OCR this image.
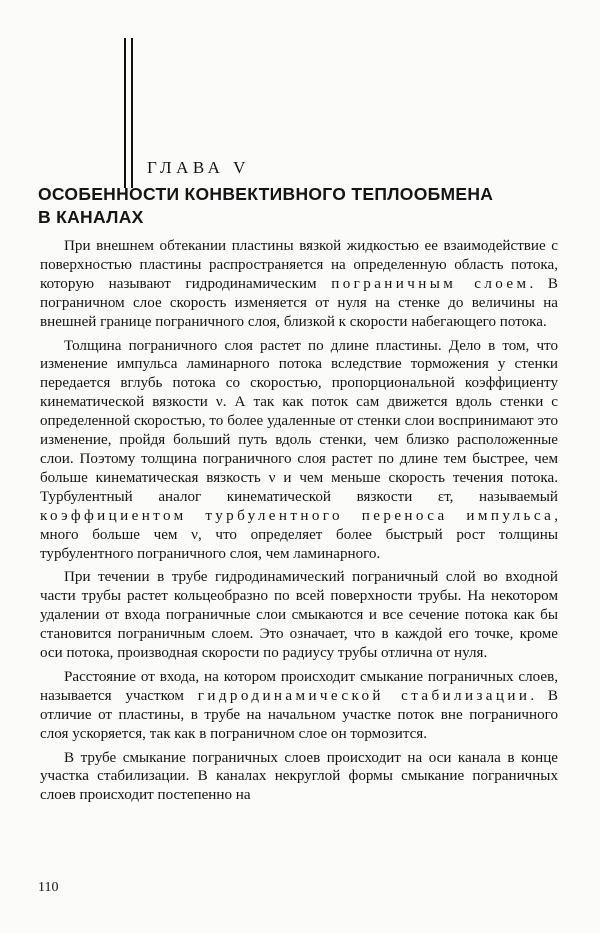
ГЛАВА V

ОСОБЕННОСТИ КОНВЕКТИВНОГО ТЕПЛООБМЕНА
В КАНАЛАХ

При внешнем обтекании пластины вязкой жидкостью ее взаимодействие с поверхностью пластины распространяется на определенную область потока, которую называют гидродинамическим пограничным слоем. В пограничном слое скорость изменяется от нуля на стенке до величины на внешней границе пограничного слоя, близкой к скорости набегающего потока.

Толщина пограничного слоя растет по длине пластины. Дело в том, что изменение импульса ламинарного потока вследствие торможения у стенки передается вглубь потока со скоростью, пропорциональной коэффициенту кинематической вязкости ν. А так как поток сам движется вдоль стенки с определенной скоростью, то более удаленные от стенки слои воспринимают это изменение, пройдя больший путь вдоль стенки, чем близко расположенные слои. Поэтому толщина пограничного слоя растет по длине тем быстрее, чем больше кинематическая вязкость ν и чем меньше скорость течения потока. Турбулентный аналог кинематической вязкости εт, называемый коэффициентом турбулентного переноса импульса, много больше чем ν, что определяет более быстрый рост толщины турбулентного пограничного слоя, чем ламинарного.

При течении в трубе гидродинамический пограничный слой во входной части трубы растет кольцеобразно по всей поверхности трубы. На некотором удалении от входа пограничные слои смыкаются и все сечение потока как бы становится пограничным слоем. Это означает, что в каждой его точке, кроме оси потока, производная скорости по радиусу трубы отлична от нуля.

Расстояние от входа, на котором происходит смыкание пограничных слоев, называется участком гидродинамической стабилизации. В отличие от пластины, в трубе на начальном участке поток вне пограничного слоя ускоряется, так как в пограничном слое он тормозится.

В трубе смыкание пограничных слоев происходит на оси канала в конце участка стабилизации. В каналах некруглой формы смыкание пограничных слоев происходит постепенно на

110
